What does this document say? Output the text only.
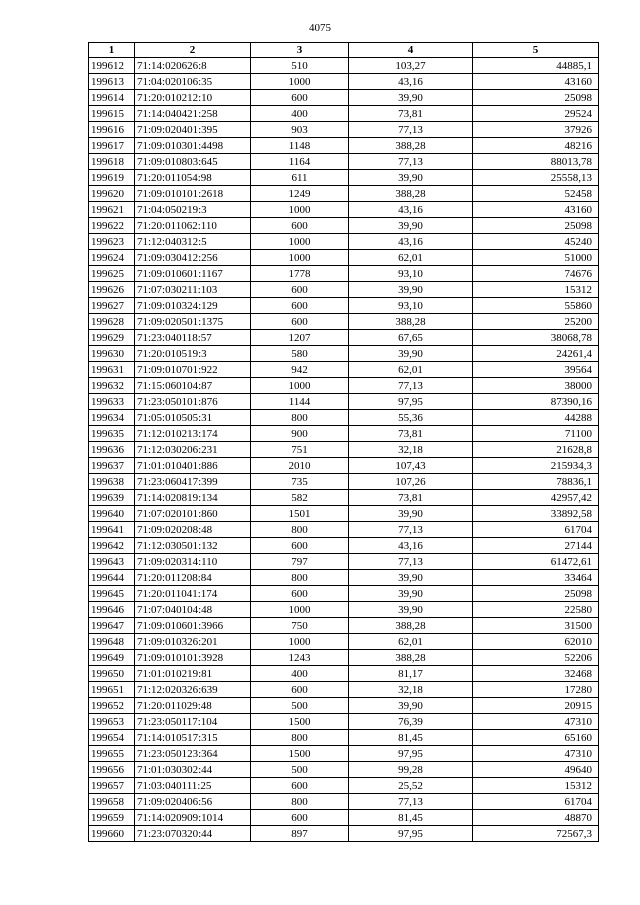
4075
1	2	3	4	5
199612	71:14:020626:8	510	103,27	44885,1
199613	71:04:020106:35	1000	43,16	43160
199614	71:20:010212:10	600	39,90	25098
199615	71:14:040421:258	400	73,81	29524
199616	71:09:020401:395	903	77,13	37926
199617	71:09:010301:4498	1148	388,28	48216
199618	71:09:010803:645	1164	77,13	88013,78
199619	71:20:011054:98	611	39,90	25558,13
199620	71:09:010101:2618	1249	388,28	52458
199621	71:04:050219:3	1000	43,16	43160
199622	71:20:011062:110	600	39,90	25098
199623	71:12:040312:5	1000	43,16	45240
199624	71:09:030412:256	1000	62,01	51000
199625	71:09:010601:1167	1778	93,10	74676
199626	71:07:030211:103	600	39,90	15312
199627	71:09:010324:129	600	93,10	55860
199628	71:09:020501:1375	600	388,28	25200
199629	71:23:040118:57	1207	67,65	38068,78
199630	71:20:010519:3	580	39,90	24261,4
199631	71:09:010701:922	942	62,01	39564
199632	71:15:060104:87	1000	77,13	38000
199633	71:23:050101:876	1144	97,95	87390,16
199634	71:05:010505:31	800	55,36	44288
199635	71:12:010213:174	900	73,81	71100
199636	71:12:030206:231	751	32,18	21628,8
199637	71:01:010401:886	2010	107,43	215934,3
199638	71:23:060417:399	735	107,26	78836,1
199639	71:14:020819:134	582	73,81	42957,42
199640	71:07:020101:860	1501	39,90	33892,58
199641	71:09:020208:48	800	77,13	61704
199642	71:12:030501:132	600	43,16	27144
199643	71:09:020314:110	797	77,13	61472,61
199644	71:20:011208:84	800	39,90	33464
199645	71:20:011041:174	600	39,90	25098
199646	71:07:040104:48	1000	39,90	22580
199647	71:09:010601:3966	750	388,28	31500
199648	71:09:010326:201	1000	62,01	62010
199649	71:09:010101:3928	1243	388,28	52206
199650	71:01:010219:81	400	81,17	32468
199651	71:12:020326:639	600	32,18	17280
199652	71:20:011029:48	500	39,90	20915
199653	71:23:050117:104	1500	76,39	47310
199654	71:14:010517:315	800	81,45	65160
199655	71:23:050123:364	1500	97,95	47310
199656	71:01:030302:44	500	99,28	49640
199657	71:03:040111:25	600	25,52	15312
199658	71:09:020406:56	800	77,13	61704
199659	71:14:020909:1014	600	81,45	48870
199660	71:23:070320:44	897	97,95	72567,3
